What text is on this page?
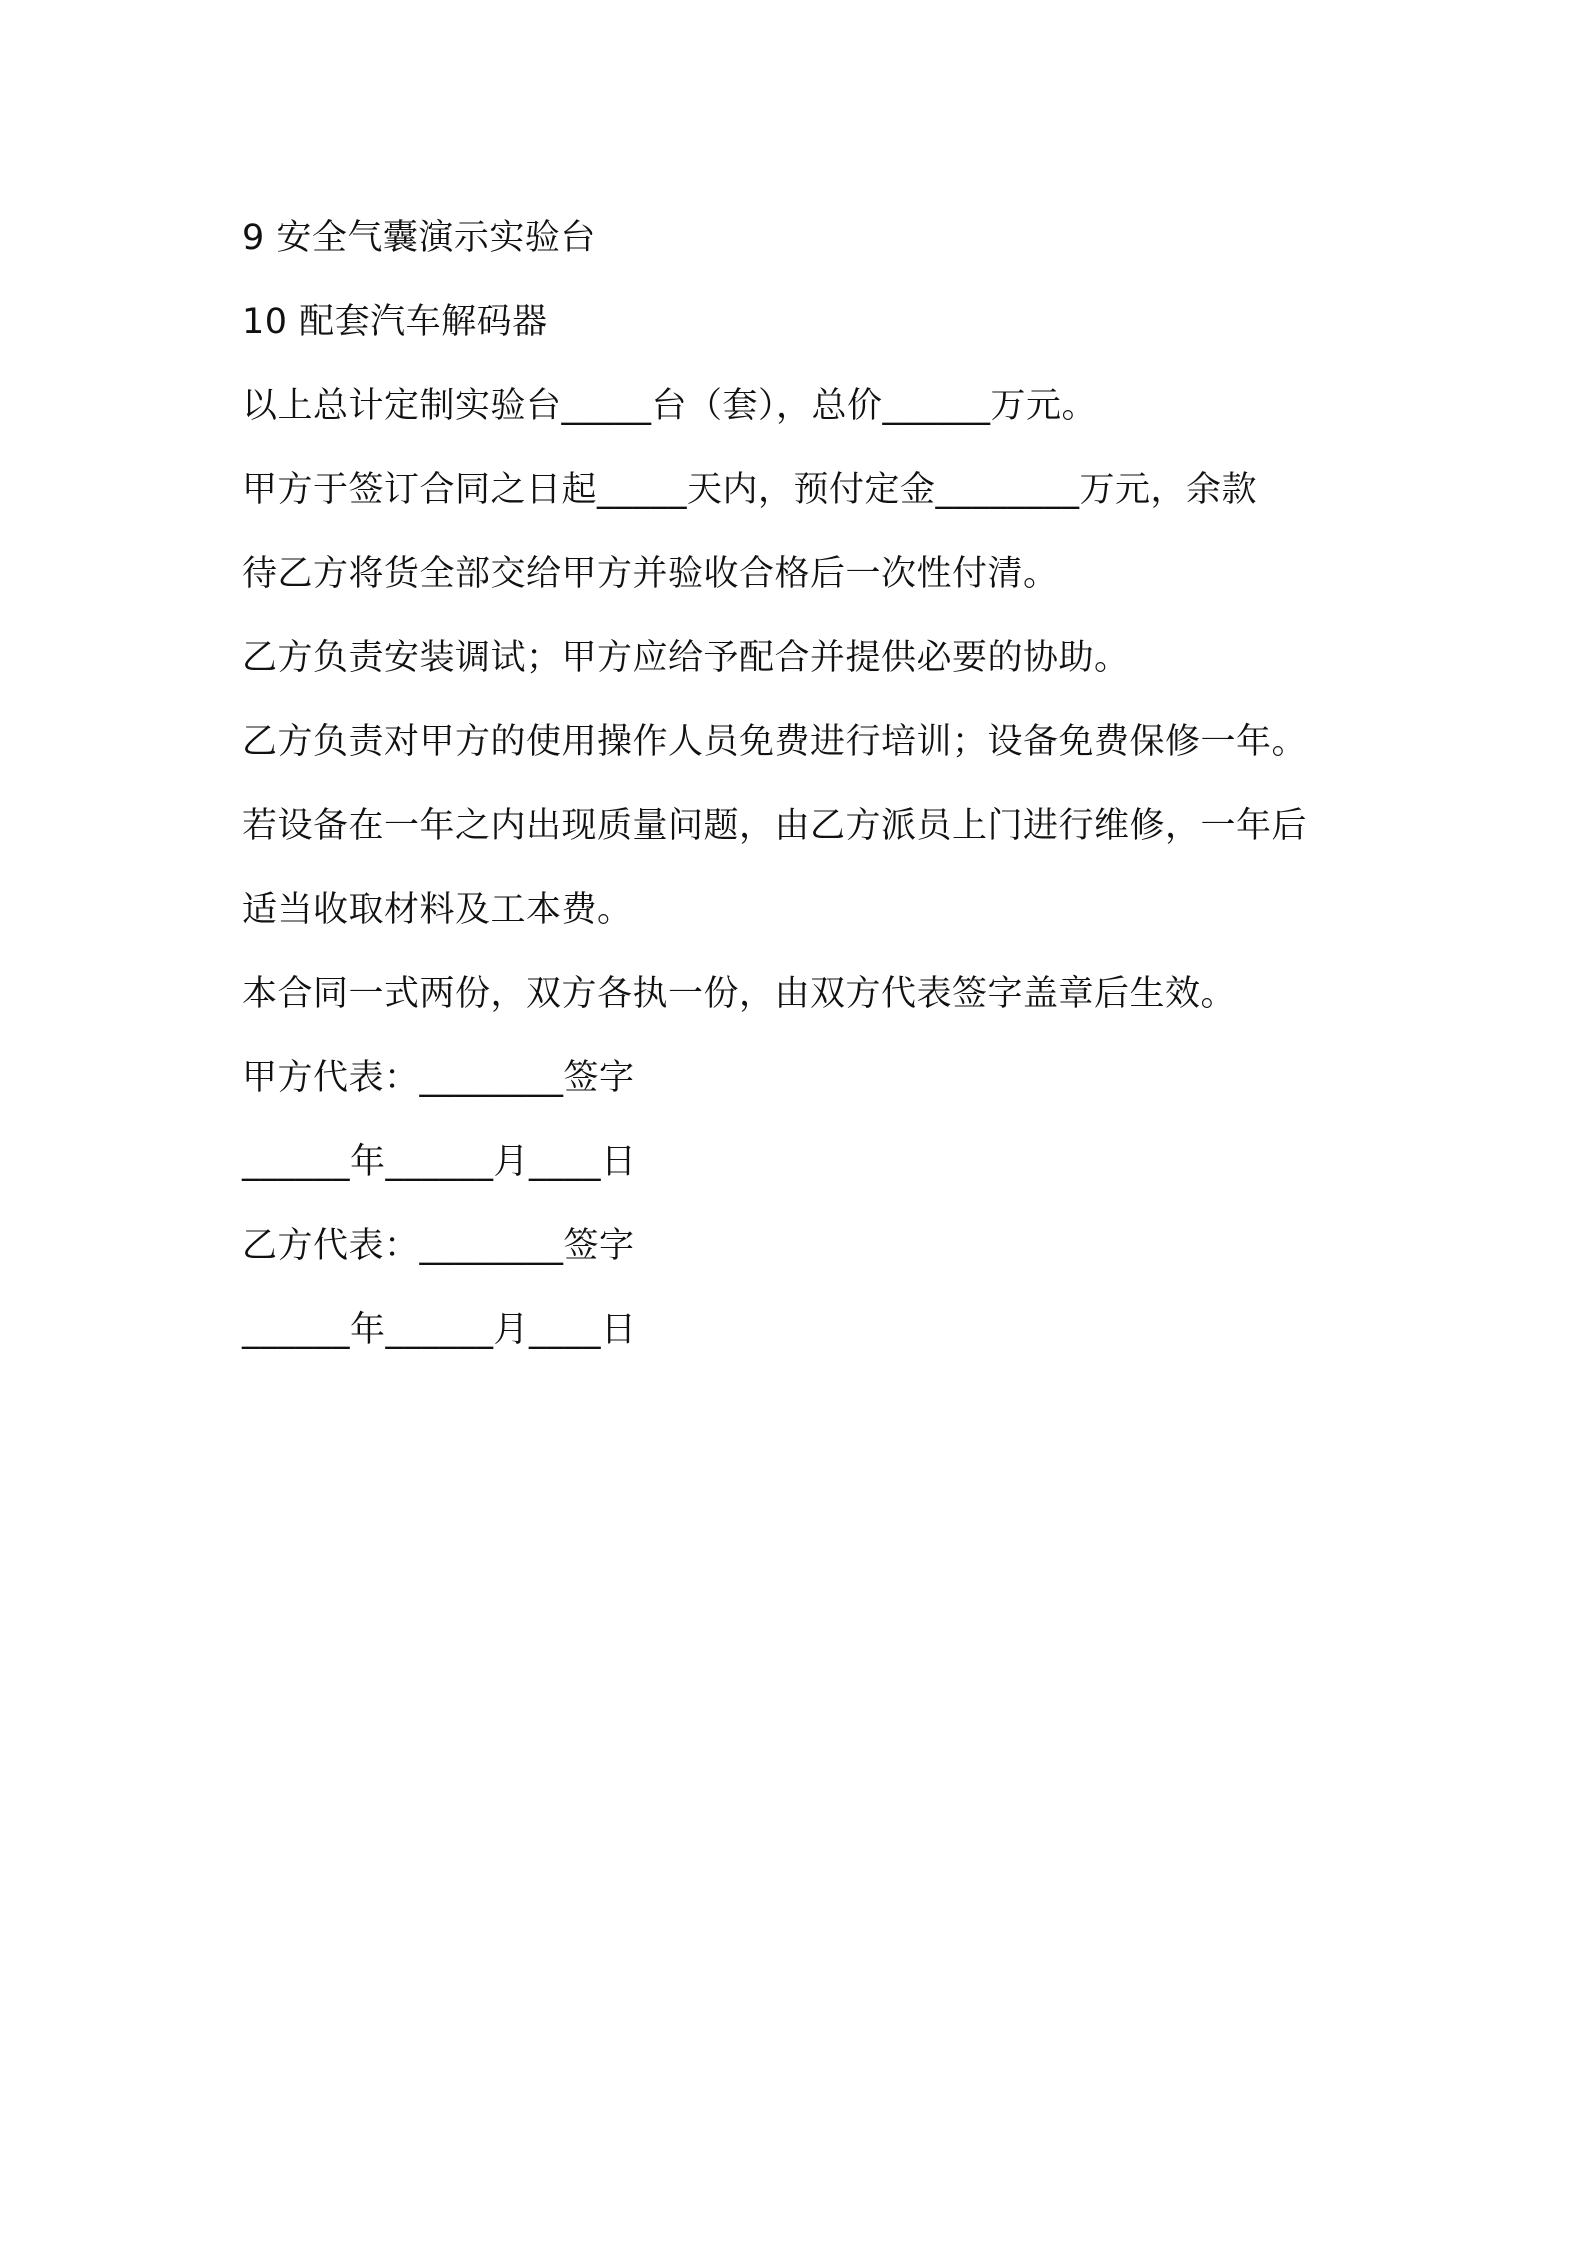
9 安全气囊演示实验台
10 配套汽车解码器
以上总计定制实验台_____台（套），总价______万元。
甲方于签订合同之日起_____天内，预付定金________万元，余款
待乙方将货全部交给甲方并验收合格后一次性付清。
乙方负责安装调试；甲方应给予配合并提供必要的协助。
乙方负责对甲方的使用操作人员免费进行培训；设备免费保修一年。
若设备在一年之内出现质量问题，由乙方派员上门进行维修，一年后
适当收取材料及工本费。
本合同一式两份，双方各执一份，由双方代表签字盖章后生效。
甲方代表：________签字
______年______月____日
乙方代表：________签字
______年______月____日
